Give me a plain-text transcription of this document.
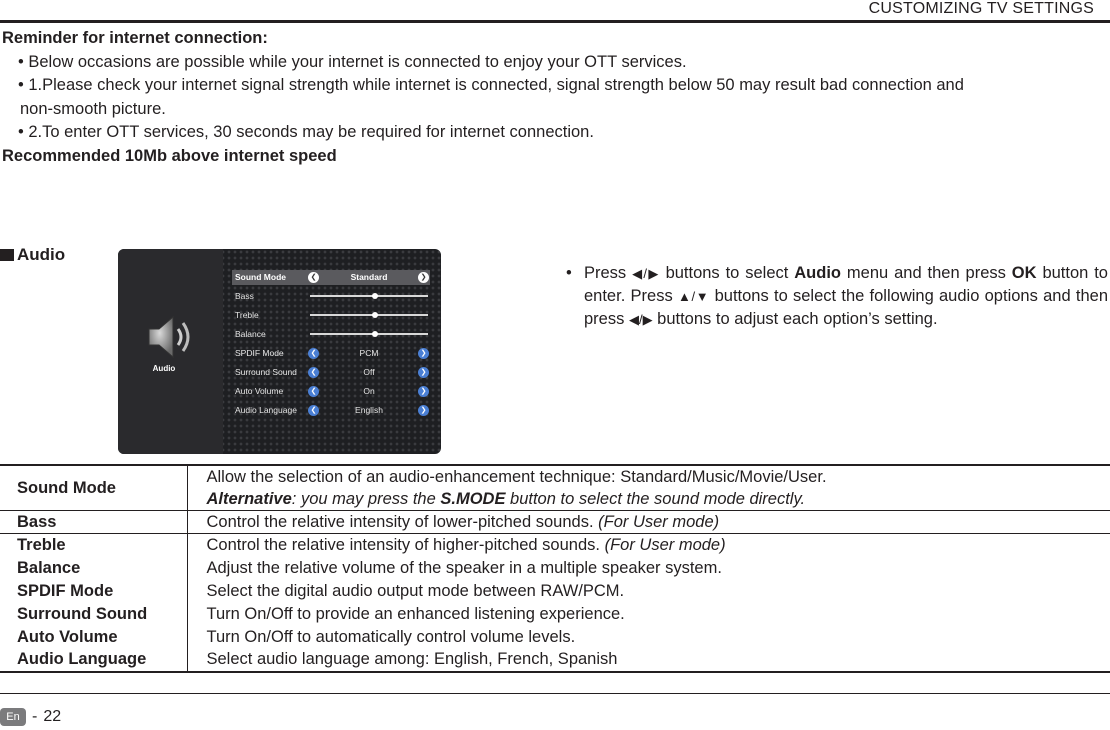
CUSTOMIZING TV SETTINGS
Reminder for internet connection:
• Below occasions are possible while your internet is connected to enjoy your OTT services.
• 1.Please check your internet signal strength while internet is connected, signal strength below 50 may result bad connection and
non-smooth picture.
• 2.To enter OTT services, 30 seconds may be required for internet connection.
Recommended 10Mb above internet speed
Audio
Audio
Sound Mode	❮	Standard	❯
Bass
Treble
Balance
SPDIF Mode	❮	PCM	❯
Surround Sound	❮	Off	❯
Auto Volume	❮	On	❯
Audio Language	❮	English	❯
• Press ◀/▶ buttons to select Audio menu and then press OK button to enter. Press ▲/▼ buttons to select the following audio options and then press ◀/▶ buttons to adjust each option’s setting.

Sound Mode	Allow the selection of an audio-enhancement technique: Standard/Music/Movie/User.
Alternative: you may press the S.MODE button to select the sound mode directly.

Bass	Control the relative intensity of lower-pitched sounds. (For User mode)
Treble	Control the relative intensity of higher-pitched sounds. (For User mode)
Balance	Adjust the relative volume of the speaker in a multiple speaker system.
SPDIF Mode	Select the digital audio output mode between RAW/PCM.
Surround Sound	Turn On/Off to provide an enhanced listening experience.
Auto Volume	Turn On/Off to automatically control volume levels.
Audio Language	Select audio language among: English, French, Spanish
En - 22
